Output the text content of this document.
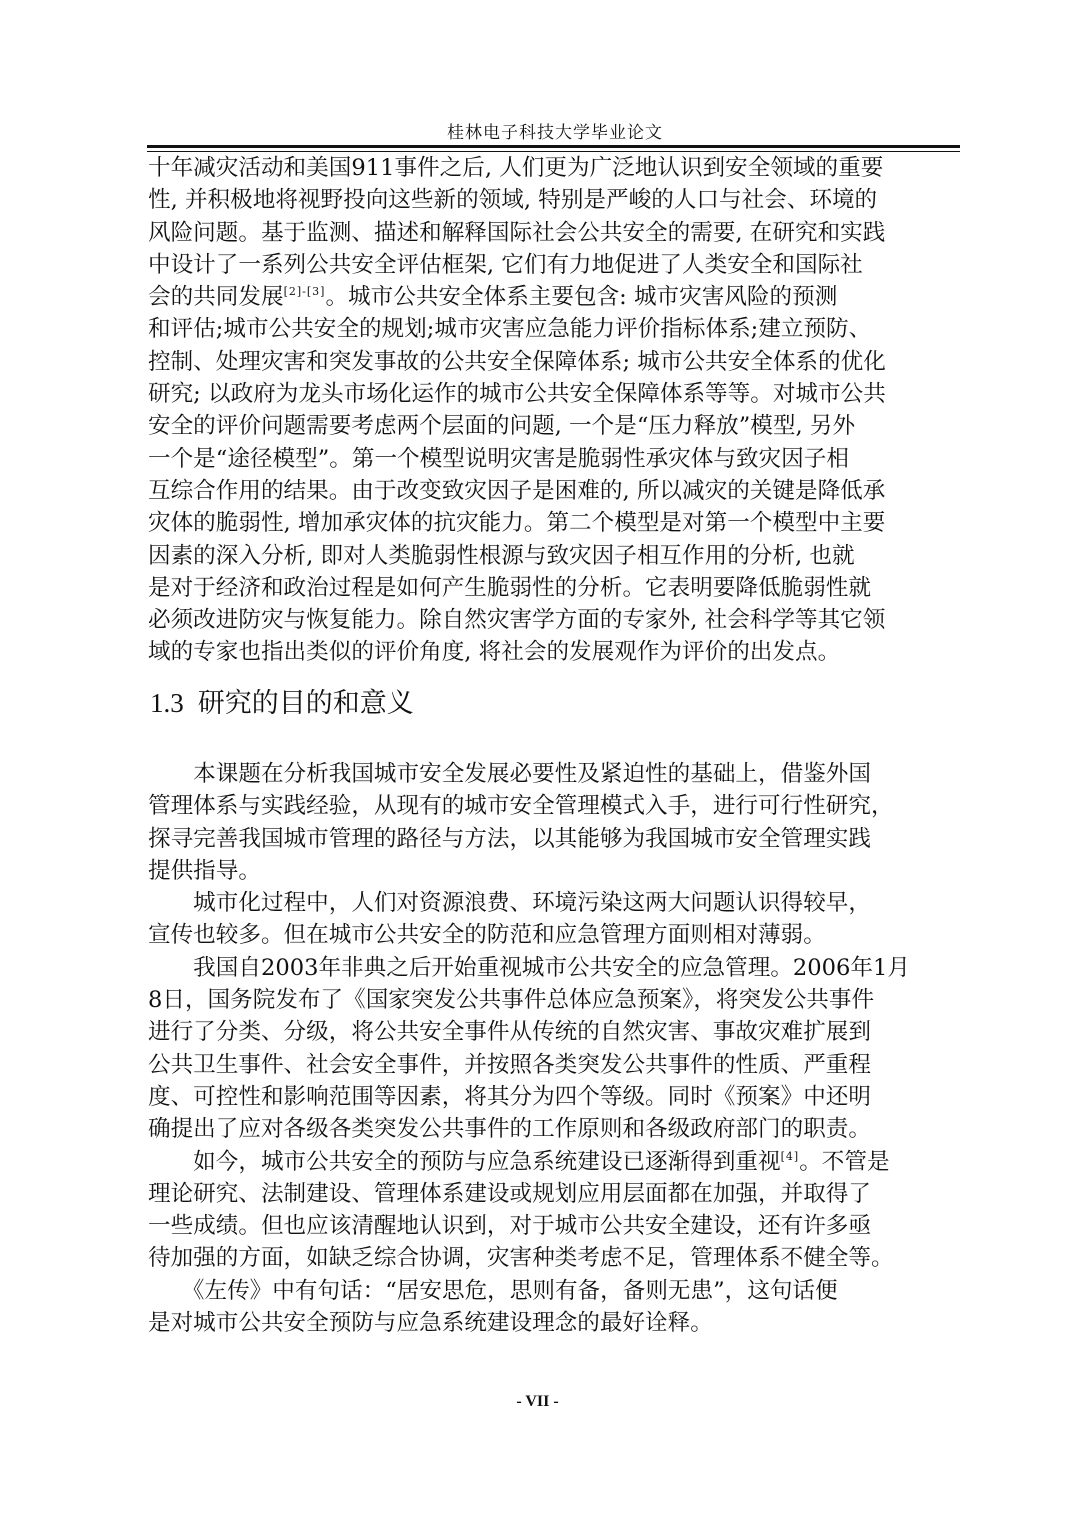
桂林电子科技大学毕业论文
十年减灾活动和美国911事件之后, 人们更为广泛地认识到安全领域的重要
性, 并积极地将视野投向这些新的领域, 特别是严峻的人口与社会、环境的
风险问题。基于监测、描述和解释国际社会公共安全的需要, 在研究和实践
中设计了一系列公共安全评估框架, 它们有力地促进了人类安全和国际社
会的共同发展[2]-[3]。城市公共安全体系主要包含: 城市灾害风险的预测
和评估;城市公共安全的规划;城市灾害应急能力评价指标体系;建立预防、
控制、处理灾害和突发事故的公共安全保障体系; 城市公共安全体系的优化
研究; 以政府为龙头市场化运作的城市公共安全保障体系等等。对城市公共
安全的评价问题需要考虑两个层面的问题, 一个是“压力释放”模型, 另外
一个是“途径模型”。第一个模型说明灾害是脆弱性承灾体与致灾因子相
互综合作用的结果。由于改变致灾因子是困难的, 所以减灾的关键是降低承
灾体的脆弱性, 增加承灾体的抗灾能力。第二个模型是对第一个模型中主要
因素的深入分析, 即对人类脆弱性根源与致灾因子相互作用的分析, 也就
是对于经济和政治过程是如何产生脆弱性的分析。它表明要降低脆弱性就
必须改进防灾与恢复能力。除自然灾害学方面的专家外, 社会科学等其它领
域的专家也指出类似的评价角度, 将社会的发展观作为评价的出发点。
1.3 研究的目的和意义
　　本课题在分析我国城市安全发展必要性及紧迫性的基础上，借鉴外国
管理体系与实践经验，从现有的城市安全管理模式入手，进行可行性研究，
探寻完善我国城市管理的路径与方法，以其能够为我国城市安全管理实践
提供指导。
　　城市化过程中，人们对资源浪费、环境污染这两大问题认识得较早，
宣传也较多。但在城市公共安全的防范和应急管理方面则相对薄弱。
　　我国自2003年非典之后开始重视城市公共安全的应急管理。2006年1月
8日，国务院发布了《国家突发公共事件总体应急预案》，将突发公共事件
进行了分类、分级，将公共安全事件从传统的自然灾害、事故灾难扩展到
公共卫生事件、社会安全事件，并按照各类突发公共事件的性质、严重程
度、可控性和影响范围等因素，将其分为四个等级。同时《预案》中还明
确提出了应对各级各类突发公共事件的工作原则和各级政府部门的职责。
　　如今，城市公共安全的预防与应急系统建设已逐渐得到重视[4]。不管是
理论研究、法制建设、管理体系建设或规划应用层面都在加强，并取得了
一些成绩。但也应该清醒地认识到，对于城市公共安全建设，还有许多亟
待加强的方面，如缺乏综合协调，灾害种类考虑不足，管理体系不健全等。
　　《左传》中有句话：“居安思危，思则有备，备则无患”，这句话便
是对城市公共安全预防与应急系统建设理念的最好诠释。
- VII -
